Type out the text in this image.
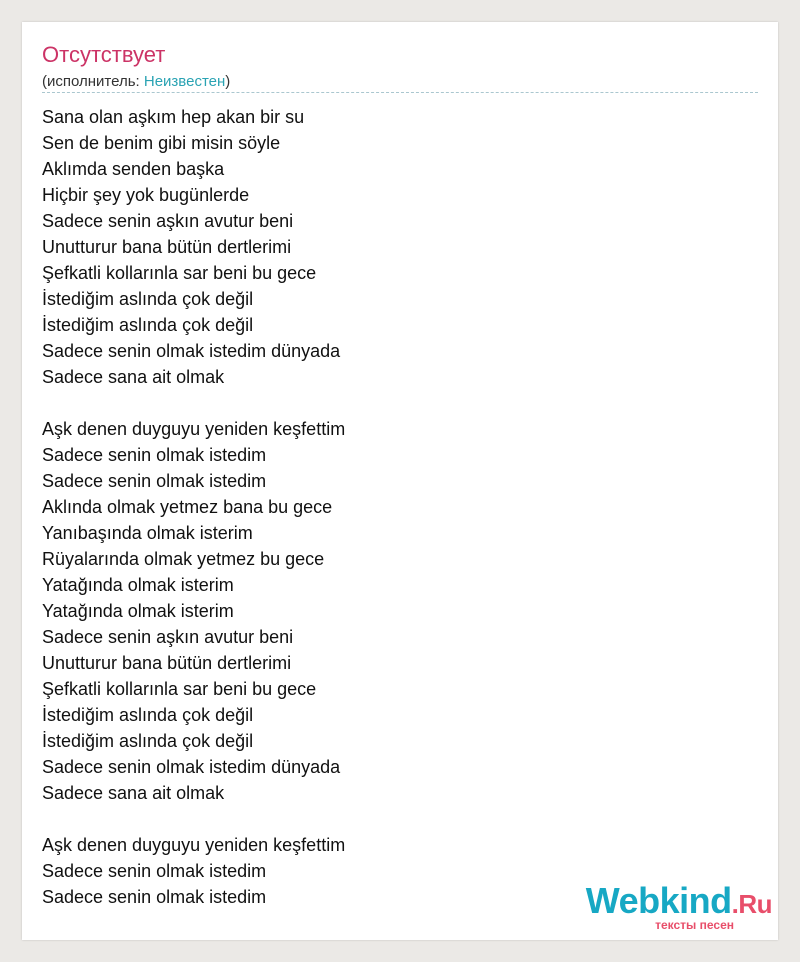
Отсутствует
(исполнитель: Неизвестен)
Sana olan aşkım hep akan bir su
Sen de benim gibi misin söyle
Aklımda senden başka
Hiçbir şey yok bugünlerde
Sadece senin aşkın avutur beni
Unutturur bana bütün dertlerimi
Şefkatli kollarınla sar beni bu gece
İstediğim aslında çok değil
İstediğim aslında çok değil
Sadece senin olmak istedim dünyada
Sadece sana ait olmak
Aşk denen duyguyu yeniden keşfettim
Sadece senin olmak istedim
Sadece senin olmak istedim
Aklında olmak yetmez bana bu gece
Yanıbaşında olmak isterim
Rüyalarında olmak yetmez bu gece
Yatağında olmak isterim
Yatağında olmak isterim
Sadece senin aşkın avutur beni
Unutturur bana bütün dertlerimi
Şefkatli kollarınla sar beni bu gece
İstediğim aslında çok değil
İstediğim aslında çok değil
Sadece senin olmak istedim dünyada
Sadece sana ait olmak
Aşk denen duyguyu yeniden keşfettim
Sadece senin olmak istedim
Sadece senin olmak istedim	Webkind.Ru
тексты песен
